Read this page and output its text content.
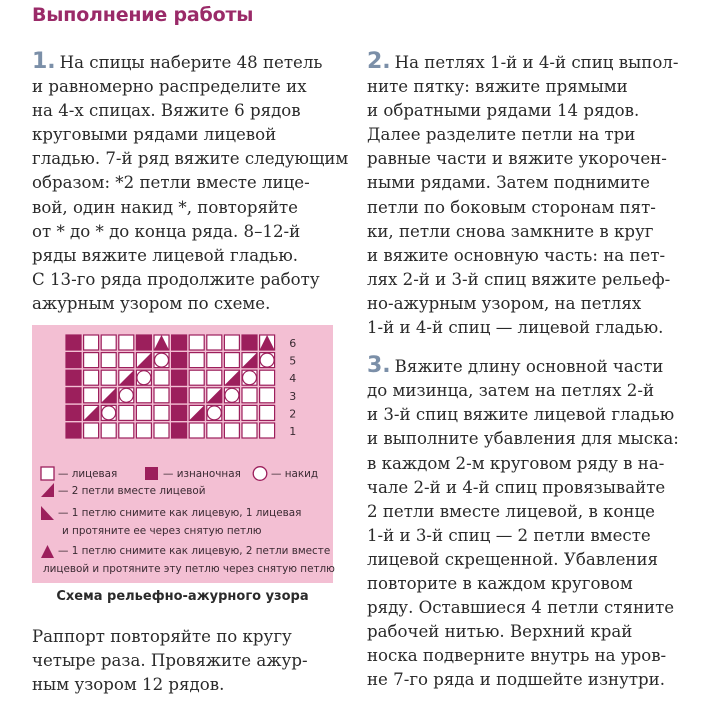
Выполнение работы
1. На спицы наберите 48 петель
и равномерно распределите их
на 4-х спицах. Вяжите 6 рядов
круговыми рядами лицевой
гладью. 7-й ряд вяжите следующим
образом: *2 петли вместе лице-
вой, один накид *, повторяйте
от * до * до конца ряда. 8–12-й
ряды вяжите лицевой гладью.
С 13-го ряда продолжите работу
ажурным узором по схеме.
6
5
4
3
2
1
— лицевая	— изнаночная	— накид
— 2 петли вместе лицевой
— 1 петлю снимите как лицевую, 1 лицевая
и протяните ее через снятую петлю
— 1 петлю снимите как лицевую, 2 петли вместе
лицевой и протяните эту петлю через снятую петлю
Схема рельефно-ажурного узора
Раппорт повторяйте по кругу
четыре раза. Провяжите ажур-
ным узором 12 рядов.
2. На петлях 1-й и 4-й спиц выпол-
ните пятку: вяжите прямыми
и обратными рядами 14 рядов.
Далее разделите петли на три
равные части и вяжите укорочен-
ными рядами. Затем поднимите
петли по боковым сторонам пят-
ки, петли снова замкните в круг
и вяжите основную часть: на пет-
лях 2-й и 3-й спиц вяжите рельеф-
но-ажурным узором, на петлях
1-й и 4-й спиц — лицевой гладью.
3. Вяжите длину основной части
до мизинца, затем на петлях 2-й
и 3-й спиц вяжите лицевой гладью
и выполните убавления для мыска:
в каждом 2-м круговом ряду в на-
чале 2-й и 4-й спиц провязывайте
2 петли вместе лицевой, в конце
1-й и 3-й спиц — 2 петли вместе
лицевой скрещенной. Убавления
повторите в каждом круговом
ряду. Оставшиеся 4 петли стяните
рабочей нитью. Верхний край
носка подверните внутрь на уров-
не 7-го ряда и подшейте изнутри.
